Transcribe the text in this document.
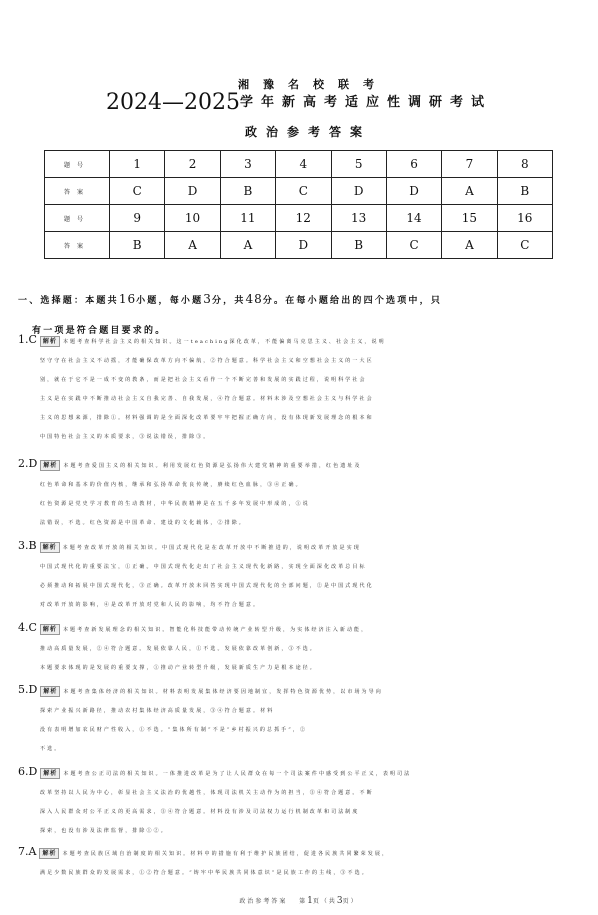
湘豫名校联考
2024—2025学年新高考适应性调研考试
政治参考答案
题号	1	2	3	4	5	6	7	8
答案	C	D	B	C	D	D	A	B
题号	9	10	11	12	13	14	15	16
答案	B	A	A	D	B	C	A	C
一、选择题：本题共16小题，每小题3分，共48分。在每小题给出的四个选项中，只
有一项是符合题目要求的。
1.C 解析 本题考查科学社会主义的相关知识。这一teaching深化改革，不能偏离马克思主义、社会主义，说明
坚守守在社会主义不动摇，才能确保改革方向不偏航，②符合题意。科学社会主义和空想社会主义的一大区
别，就在于它不是一成不变的教条，而是把社会主义看作一个不断完善和发展的实践过程，说明科学社会
主义是在实践中不断推动社会主义自我完善、自我发展，④符合题意。材料未涉及空想社会主义与科学社会
主义的思想来源，排除①。材料强调的是全面深化改革要牢牢把握正确方向，没有体现新发展理念的根本和
中国特色社会主义的本质要求，③说法错误，排除③。
2.D 解析 本题考查爱国主义的相关知识。利用发展红色资源是弘扬伟大建党精神的重要举措，红色遗址及
红色革命和基本的价值内核，继承和弘扬革命优良传统，赓续红色血脉，③④正确。
红色资源是党史学习教育的生动教材，中华民族精神是在五千多年发展中形成的，①说
法错误，不选。红色资源是中国革命、建设的文化载体，②排除。
3.B 解析 本题考查改革开放的相关知识。中国式现代化是在改革开放中不断推进的，说明改革开放是实现
中国式现代化的重要法宝，①正确。中国式现代化走出了社会主义现代化新路，实现全面深化改革总目标
必须推动和拓展中国式现代化，③正确。改革开放未回答实现中国式现代化的全部问题，②是中国式现代化
对改革开放的影响，④是改革开放对党和人民的影响，均不符合题意。
4.C 解析 本题考查新发展理念的相关知识。智能化科技能带动传统产业转型升级，为实体经济注入新动能，
推动高质量发展，②④符合题意。发展依靠人民，①不选。发展依靠改革创新，③不选。
本题要求体现的是发展的重要支撑，①推动产业转型升级，发展新质生产力是根本途径。
5.D 解析 本题考查集体经济的相关知识。材料表明发展集体经济要因地制宜，发挥特色资源优势，以市场为导向
探索产业振兴新路径，推动农村集体经济高质量发展，③④符合题意。材料
没有表明增加农民财产性收入，①不选。“集体所有制”不是“乡村振兴的总抓手”，②
不选。
6.D 解析 本题考查公正司法的相关知识。一体推进改革是为了让人民群众在每一个司法案件中感受到公平正义，表明司法
改革坚持以人民为中心，彰显社会主义法治的优越性，体现司法机关主动作为的担当，③④符合题意。不断
深入人民群众对公平正义的更高需求，③④符合题意。材料没有涉及司法权力运行机制改革和司法制度
探索，也没有涉及法律监督，排除①②。
7.A 解析 本题考查民族区域自治制度的相关知识。材料中的措施有利于维护民族团结，促进各民族共同繁荣发展，
满足少数民族群众的发展需求，①②符合题意。“铸牢中华民族共同体意识”是民族工作的主线，③不选。
政治参考答案 第1页（共3页）
